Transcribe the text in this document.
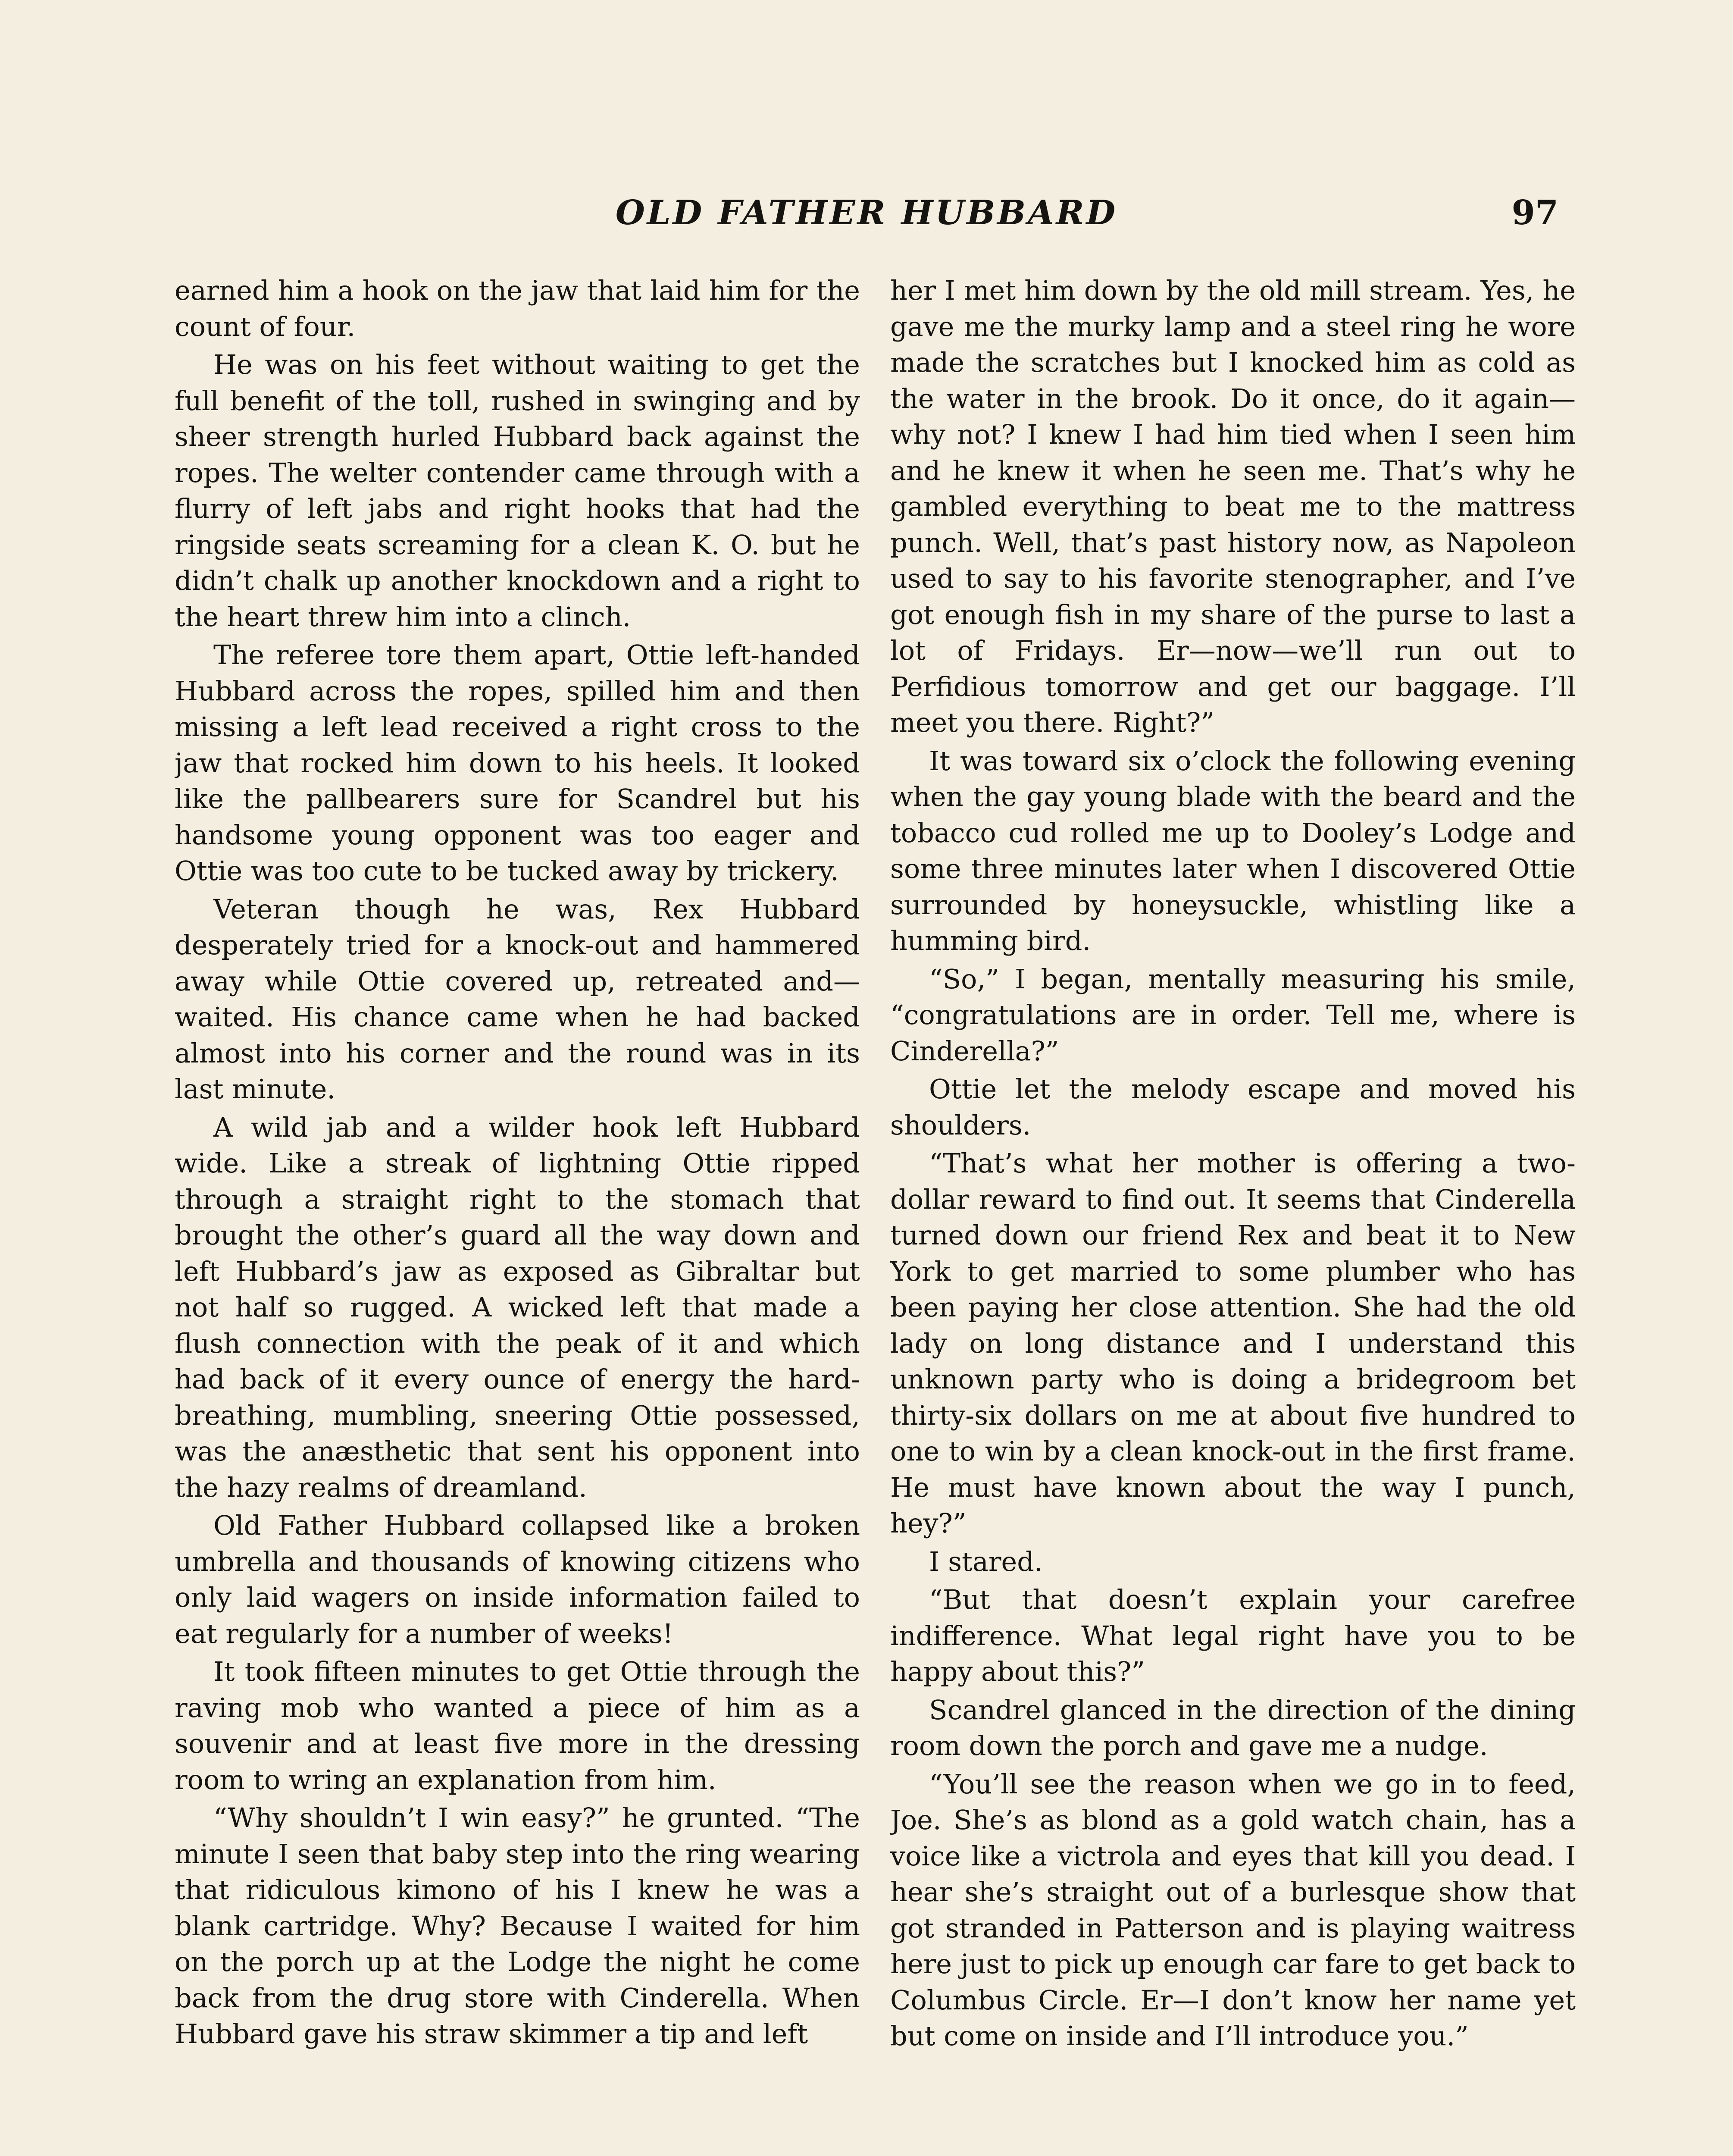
OLD FATHER HUBBARD	97

earned him a hook on the jaw that laid him for the count of four.

He was on his feet without waiting to get the full benefit of the toll, rushed in swinging and by sheer strength hurled Hubbard back against the ropes. The welter contender came through with a flurry of left jabs and right hooks that had the ringside seats screaming for a clean K. O. but he didn’t chalk up another knockdown and a right to the heart threw him into a clinch.

The referee tore them apart, Ottie left-handed Hubbard across the ropes, spilled him and then missing a left lead received a right cross to the jaw that rocked him down to his heels. It looked like the pallbearers sure for Scandrel but his handsome young opponent was too eager and Ottie was too cute to be tucked away by trickery.

Veteran though he was, Rex Hubbard desperately tried for a knock-out and hammered away while Ottie covered up, retreated and—waited. His chance came when he had backed almost into his corner and the round was in its last minute.

A wild jab and a wilder hook left Hubbard wide. Like a streak of lightning Ottie ripped through a straight right to the stomach that brought the other’s guard all the way down and left Hubbard’s jaw as exposed as Gibraltar but not half so rugged. A wicked left that made a flush connection with the peak of it and which had back of it every ounce of energy the hard-breathing, mumbling, sneering Ottie possessed, was the anæsthetic that sent his opponent into the hazy realms of dreamland.

Old Father Hubbard collapsed like a broken umbrella and thousands of knowing citizens who only laid wagers on inside information failed to eat regularly for a number of weeks!

It took fifteen minutes to get Ottie through the raving mob who wanted a piece of him as a souvenir and at least five more in the dressing room to wring an explanation from him.

“Why shouldn’t I win easy?” he grunted. “The minute I seen that baby step into the ring wearing that ridiculous kimono of his I knew he was a blank cartridge. Why? Because I waited for him on the porch up at the Lodge the night he come back from the drug store with Cinderella. When Hubbard gave his straw skimmer a tip and left

her I met him down by the old mill stream. Yes, he gave me the murky lamp and a steel ring he wore made the scratches but I knocked him as cold as the water in the brook. Do it once, do it again—why not? I knew I had him tied when I seen him and he knew it when he seen me. That’s why he gambled everything to beat me to the mattress punch. Well, that’s past history now, as Napoleon used to say to his favorite stenographer, and I’ve got enough fish in my share of the purse to last a lot of Fridays. Er—now—we’ll run out to Perfidious tomorrow and get our baggage. I’ll meet you there. Right?”

It was toward six o’clock the following evening when the gay young blade with the beard and the tobacco cud rolled me up to Dooley’s Lodge and some three minutes later when I discovered Ottie surrounded by honeysuckle, whistling like a humming bird.

“So,” I began, mentally measuring his smile, “congratulations are in order. Tell me, where is Cinderella?”

Ottie let the melody escape and moved his shoulders.

“That’s what her mother is offering a two-dollar reward to find out. It seems that Cinderella turned down our friend Rex and beat it to New York to get married to some plumber who has been paying her close attention. She had the old lady on long distance and I understand this unknown party who is doing a bridegroom bet thirty-six dollars on me at about five hundred to one to win by a clean knock-out in the first frame. He must have known about the way I punch, hey?”

I stared.

“But that doesn’t explain your carefree indifference. What legal right have you to be happy about this?”

Scandrel glanced in the direction of the dining room down the porch and gave me a nudge.

“You’ll see the reason when we go in to feed, Joe. She’s as blond as a gold watch chain, has a voice like a victrola and eyes that kill you dead. I hear she’s straight out of a burlesque show that got stranded in Patterson and is playing waitress here just to pick up enough car fare to get back to Columbus Circle. Er—I don’t know her name yet but come on inside and I’ll introduce you.”
